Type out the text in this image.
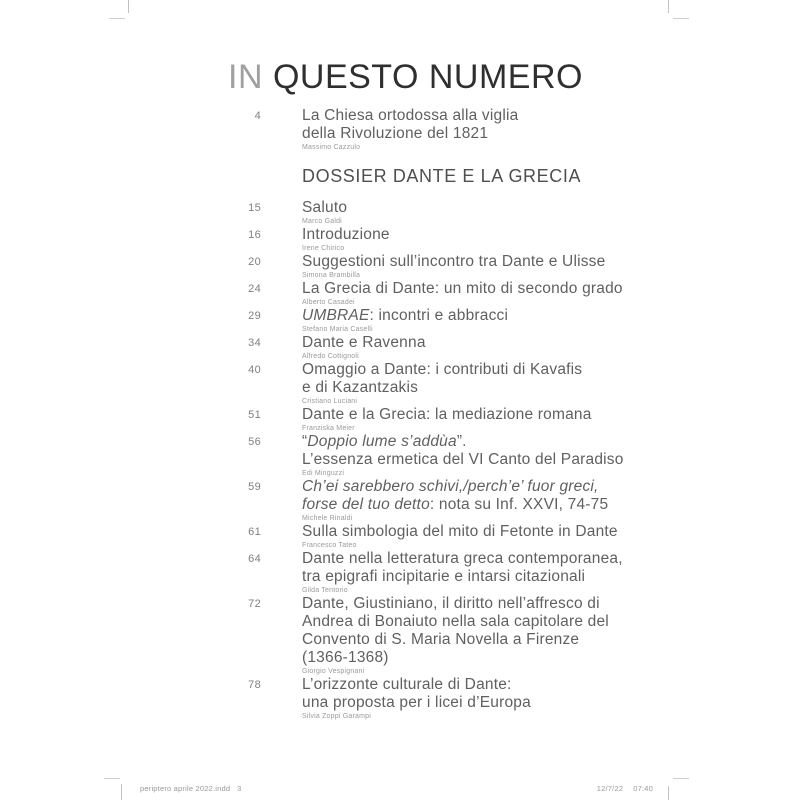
IN QUESTO NUMERO
4	La Chiesa ortodossa alla viglia
della Rivoluzione del 1821
Massimo Cazzulo
DOSSIER DANTE E LA GRECIA
15	Saluto
Marco Galdi
16	Introduzione
Irene Chirico
20	Suggestioni sull’incontro tra Dante e Ulisse
Simona Brambilla
24	La Grecia di Dante: un mito di secondo grado
Alberto Casadei
29	UMBRAE: incontri e abbracci
Stefano Maria Caselli
34	Dante e Ravenna
Alfredo Cottignoli
40	Omaggio a Dante: i contributi di Kavafis
e di Kazantzakis
Cristiano Luciani
51	Dante e la Grecia: la mediazione romana
Franziska Meier
56	“Doppio lume s’addùa”.
L’essenza ermetica del VI Canto del Paradiso
Edi Minguzzi
59	Ch’ei sarebbero schivi,/perch’e’ fuor greci,
forse del tuo detto: nota su Inf. XXVI, 74-75
Michele Rinaldi
61	Sulla simbologia del mito di Fetonte in Dante
Francesco Tateo
64	Dante nella letteratura greca contemporanea,
tra epigrafi incipitarie e intarsi citazionali
Gilda Tentorio
72	Dante, Giustiniano, il diritto nell’affresco di
Andrea di Bonaiuto nella sala capitolare del
Convento di S. Maria Novella a Firenze
(1366-1368)
Giorgio Vespignani
78	L’orizzonte culturale di Dante:
una proposta per i licei d’Europa
Silvia Zoppi Garampi
periptero aprile 2022.indd   3	12/7/22 07:40
